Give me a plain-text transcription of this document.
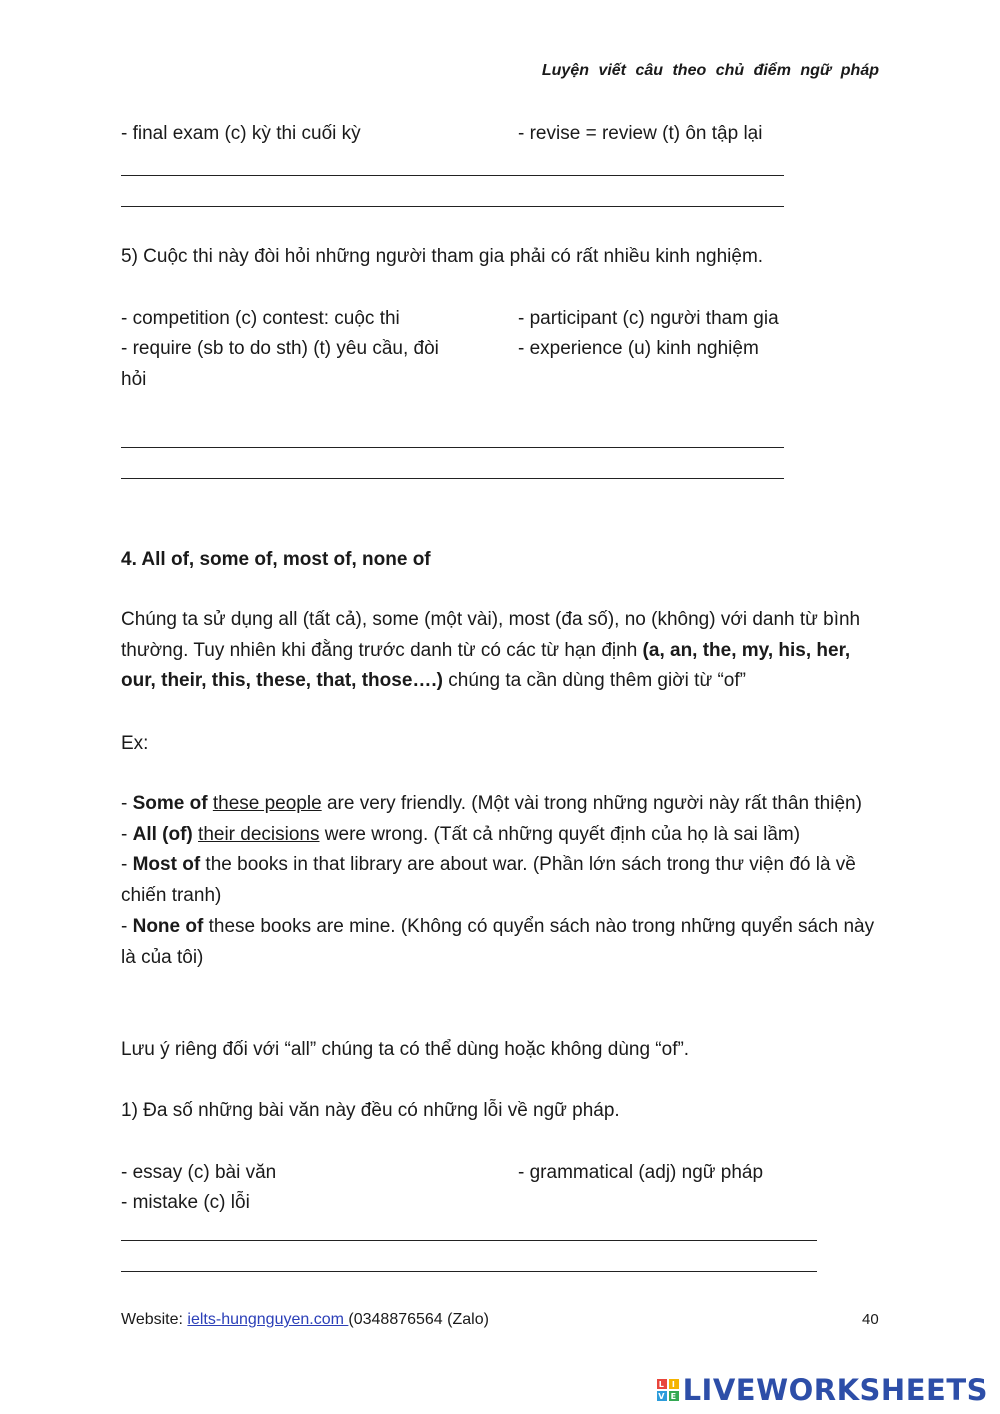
Luyện viết câu theo chủ điểm ngữ pháp
- final exam (c) kỳ thi cuối kỳ	- revise = review (t) ôn tập lại
5) Cuộc thi này đòi hỏi những người tham gia phải có rất nhiều kinh nghiệm.
- competition (c) contest: cuộc thi	- participant (c) người tham gia
- require (sb to do sth) (t) yêu cầu, đòi	- experience (u) kinh nghiệm
hỏi
4. All of, some of, most of, none of

Chúng ta sử dụng all (tất cả), some (một vài), most (đa số), no (không) với danh từ bình thường. Tuy nhiên khi đằng trước danh từ có các từ hạn định (a, an, the, my, his, her, our, their, this, these, that, those….) chúng ta cần dùng thêm giời từ “of”

Ex:

- Some of these people are very friendly. (Một vài trong những người này rất thân thiện)

- All (of) their decisions were wrong. (Tất cả những quyết định của họ là sai lầm)

- Most of the books in that library are about war. (Phần lớn sách trong thư viện đó là về chiến tranh)

- None of these books are mine. (Không có quyển sách nào trong những quyển sách này là của tôi)

Lưu ý riêng đối với “all” chúng ta có thể dùng hoặc không dùng “of”.
1) Đa số những bài văn này đều có những lỗi về ngữ pháp.
- essay (c) bài văn	- grammatical (adj) ngữ pháp
- mistake (c) lỗi
Website: ielts-hungnguyen.com (0348876564 (Zalo)	40
L I
V E LIVEWORKSHEETS
